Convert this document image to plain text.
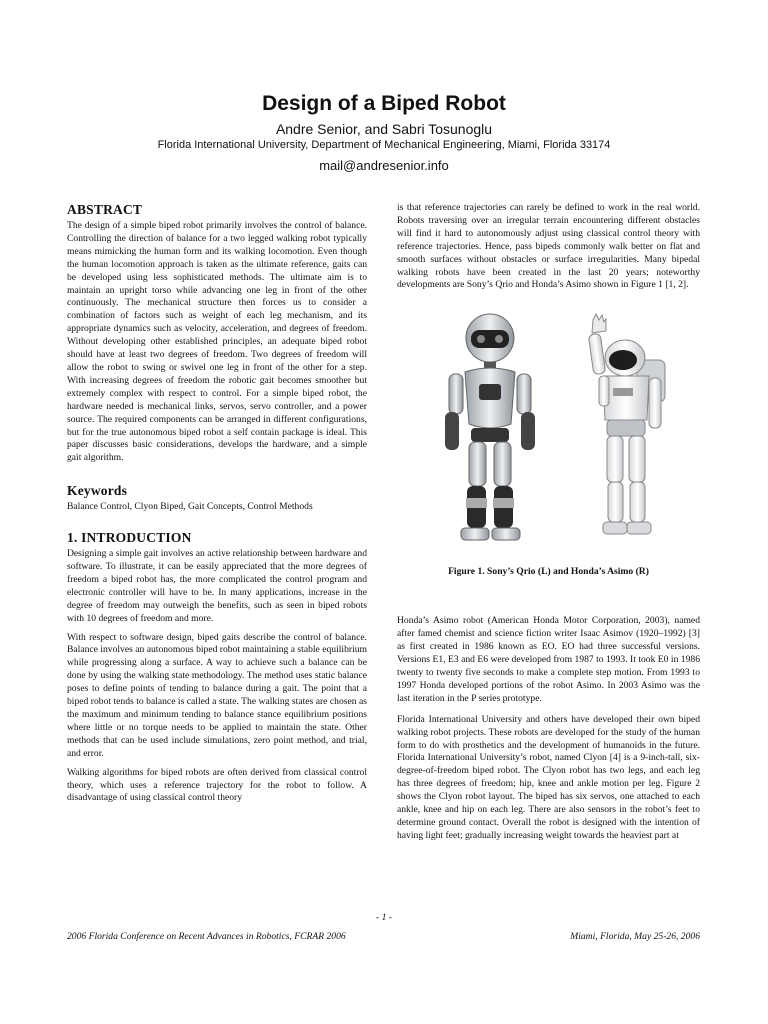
Design of a Biped Robot
Andre Senior, and Sabri Tosunoglu
Florida International University, Department of Mechanical Engineering, Miami, Florida 33174
mail@andresenior.info
ABSTRACT

The design of a simple biped robot primarily involves the control of balance. Controlling the direction of balance for a two legged walking robot typically means mimicking the human form and its walking locomotion. Even though the human locomotion approach is taken as the ultimate reference, gaits can be developed using less sophisticated methods. The ultimate aim is to maintain an upright torso while advancing one leg in front of the other continuously. The mechanical structure then forces us to consider a combination of factors such as weight of each leg mechanism, and its appropriate dynamics such as velocity, acceleration, and degrees of freedom. Without developing other established principles, an adequate biped robot should have at least two degrees of freedom. Two degrees of freedom will allow the robot to swing or swivel one leg in front of the other for a step. With increasing degrees of freedom the robotic gait becomes smoother but extremely complex with respect to control. For a simple biped robot, the hardware needed is mechanical links, servos, servo controller, and a power source. The required components can be arranged in different configurations, but for the true autonomous biped robot a self contain package is ideal. This paper discusses basic considerations, develops the hardware, and a simple gait algorithm.

Keywords

Balance Control, Clyon Biped, Gait Concepts, Control Methods

1. INTRODUCTION

Designing a simple gait involves an active relationship between hardware and software. To illustrate, it can be easily appreciated that the more degrees of freedom a biped robot has, the more complicated the control program and electronic controller will have to be. In many applications, increase in the degree of freedom may outweigh the benefits, such as seen in biped robots with 10 degrees of freedom and more.

With respect to software design, biped gaits describe the control of balance. Balance involves an autonomous biped robot maintaining a stable equilibrium while progressing along a surface. A way to achieve such a balance can be done by using the walking state methodology. The method uses static balance poses to define points of tending to balance during a gait. The point that a biped robot tends to balance is called a state. The walking states are chosen as the maximum and minimum tending to balance stance equilibrium positions where little or no torque needs to be applied to maintain the state. Other methods that can be used include simulations, zero point method, and trial, and error.

Walking algorithms for biped robots are often derived from classical control theory, which uses a reference trajectory for the robot to follow. A disadvantage of using classical control theory

is that reference trajectories can rarely be defined to work in the real world. Robots traversing over an irregular terrain encountering different obstacles will find it hard to autonomously adjust using classical control theory with reference trajectories. Hence, pass bipeds commonly walk better on flat and smooth surfaces without obstacles or surface irregularities. Many bipedal walking robots have been created in the last 20 years; noteworthy developments are Sony’s Qrio and Honda’s Asimo shown in Figure 1 [1, 2].

Figure 1. Sony’s Qrio (L) and Honda’s Asimo (R)

Honda’s Asimo robot (American Honda Motor Corporation, 2003), named after famed chemist and science fiction writer Isaac Asimov (1920–1992) [3] as first created in 1986 known as EO. EO had three successful versions. Versions E1, E3 and E6 were developed from 1987 to 1993. It took E0 in 1986 twenty to twenty five seconds to make a complete step motion. From 1993 to 1997 Honda developed portions of the robot Asimo. In 2003 Asimo was the last iteration in the P series prototype.

Florida International University and others have developed their own biped walking robot projects. These robots are developed for the study of the human form to do with prosthetics and the development of humanoids in the future. Florida International University’s robot, named Clyon [4] is a 9-inch-tall, six-degree-of-freedom biped robot. The Clyon robot has two legs, and each leg has three degrees of freedom; hip, knee and ankle motion per leg. Figure 2 shows the Clyon robot layout. The biped has six servos, one attached to each ankle, knee and hip on each leg. There are also sensors in the robot’s feet to determine ground contact. Overall the robot is designed with the intention of having light feet; gradually increasing weight towards the heaviest part at

- 1 -
2006 Florida Conference on Recent Advances in Robotics, FCRAR 2006	Miami, Florida, May 25-26, 2006
